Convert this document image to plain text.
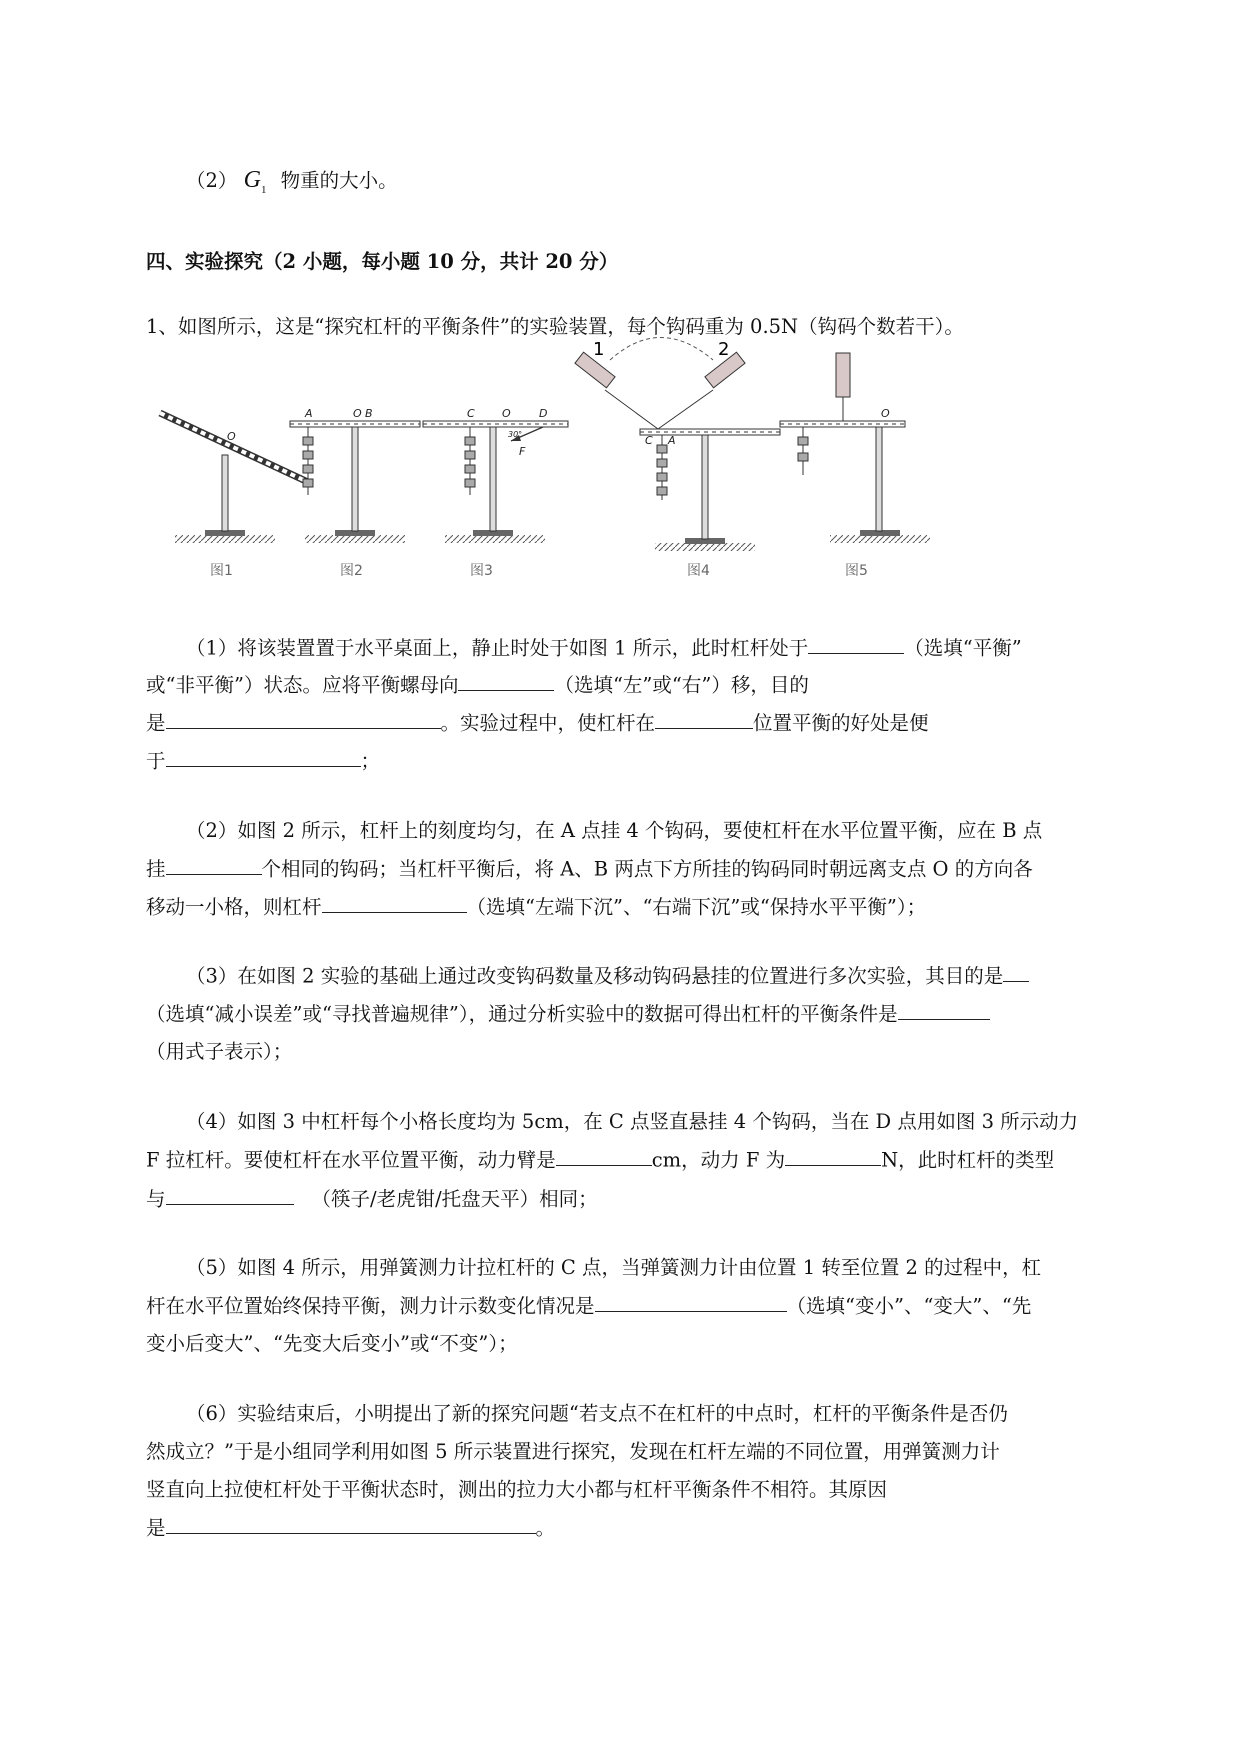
（2） $G_1$ 物重的大小。
四、实验探究（2 小题，每小题 10 分，共计 20 分）
1、如图所示，这是“探究杠杆的平衡条件”的实验装置，每个钩码重为 0.5N（钩码个数若干）。
O
图1
A	O B
图2
C O	D
F
30°
图3
C A
1	2
图4
O
图5
（1）将该装置置于水平桌面上，静止时处于如图 1 所示，此时杠杆处于	（选填“平衡”
或“非平衡”）状态。应将平衡螺母向	（选填“左”或“右”）移，目的
是	。实验过程中，使杠杆在	位置平衡的好处是便
于	；
（2）如图 2 所示，杠杆上的刻度均匀，在 A 点挂 4 个钩码，要使杠杆在水平位置平衡，应在 B 点
挂	个相同的钩码；当杠杆平衡后，将 A、B 两点下方所挂的钩码同时朝远离支点 O 的方向各
移动一小格，则杠杆	（选填“左端下沉”、“右端下沉”或“保持水平平衡”）；
（3）在如图 2 实验的基础上通过改变钩码数量及移动钩码悬挂的位置进行多次实验，其目的是
（选填“减小误差”或“寻找普遍规律”），通过分析实验中的数据可得出杠杆的平衡条件是
（用式子表示）；
（4）如图 3 中杠杆每个小格长度均为 5cm，在 C 点竖直悬挂 4 个钩码，当在 D 点用如图 3 所示动力
F 拉杠杆。要使杠杆在水平位置平衡，动力臂是	cm，动力 F 为	N，此时杠杆的类型
与	（筷子/老虎钳/托盘天平）相同；
（5）如图 4 所示，用弹簧测力计拉杠杆的 C 点，当弹簧测力计由位置 1 转至位置 2 的过程中，杠
杆在水平位置始终保持平衡，测力计示数变化情况是	（选填“变小”、“变大”、“先
变小后变大”、“先变大后变小”或“不变”）；
（6）实验结束后，小明提出了新的探究问题“若支点不在杠杆的中点时，杠杆的平衡条件是否仍
然成立？”于是小组同学利用如图 5 所示装置进行探究，发现在杠杆左端的不同位置，用弹簧测力计
竖直向上拉使杠杆处于平衡状态时，测出的拉力大小都与杠杆平衡条件不相符。其原因
是	。
